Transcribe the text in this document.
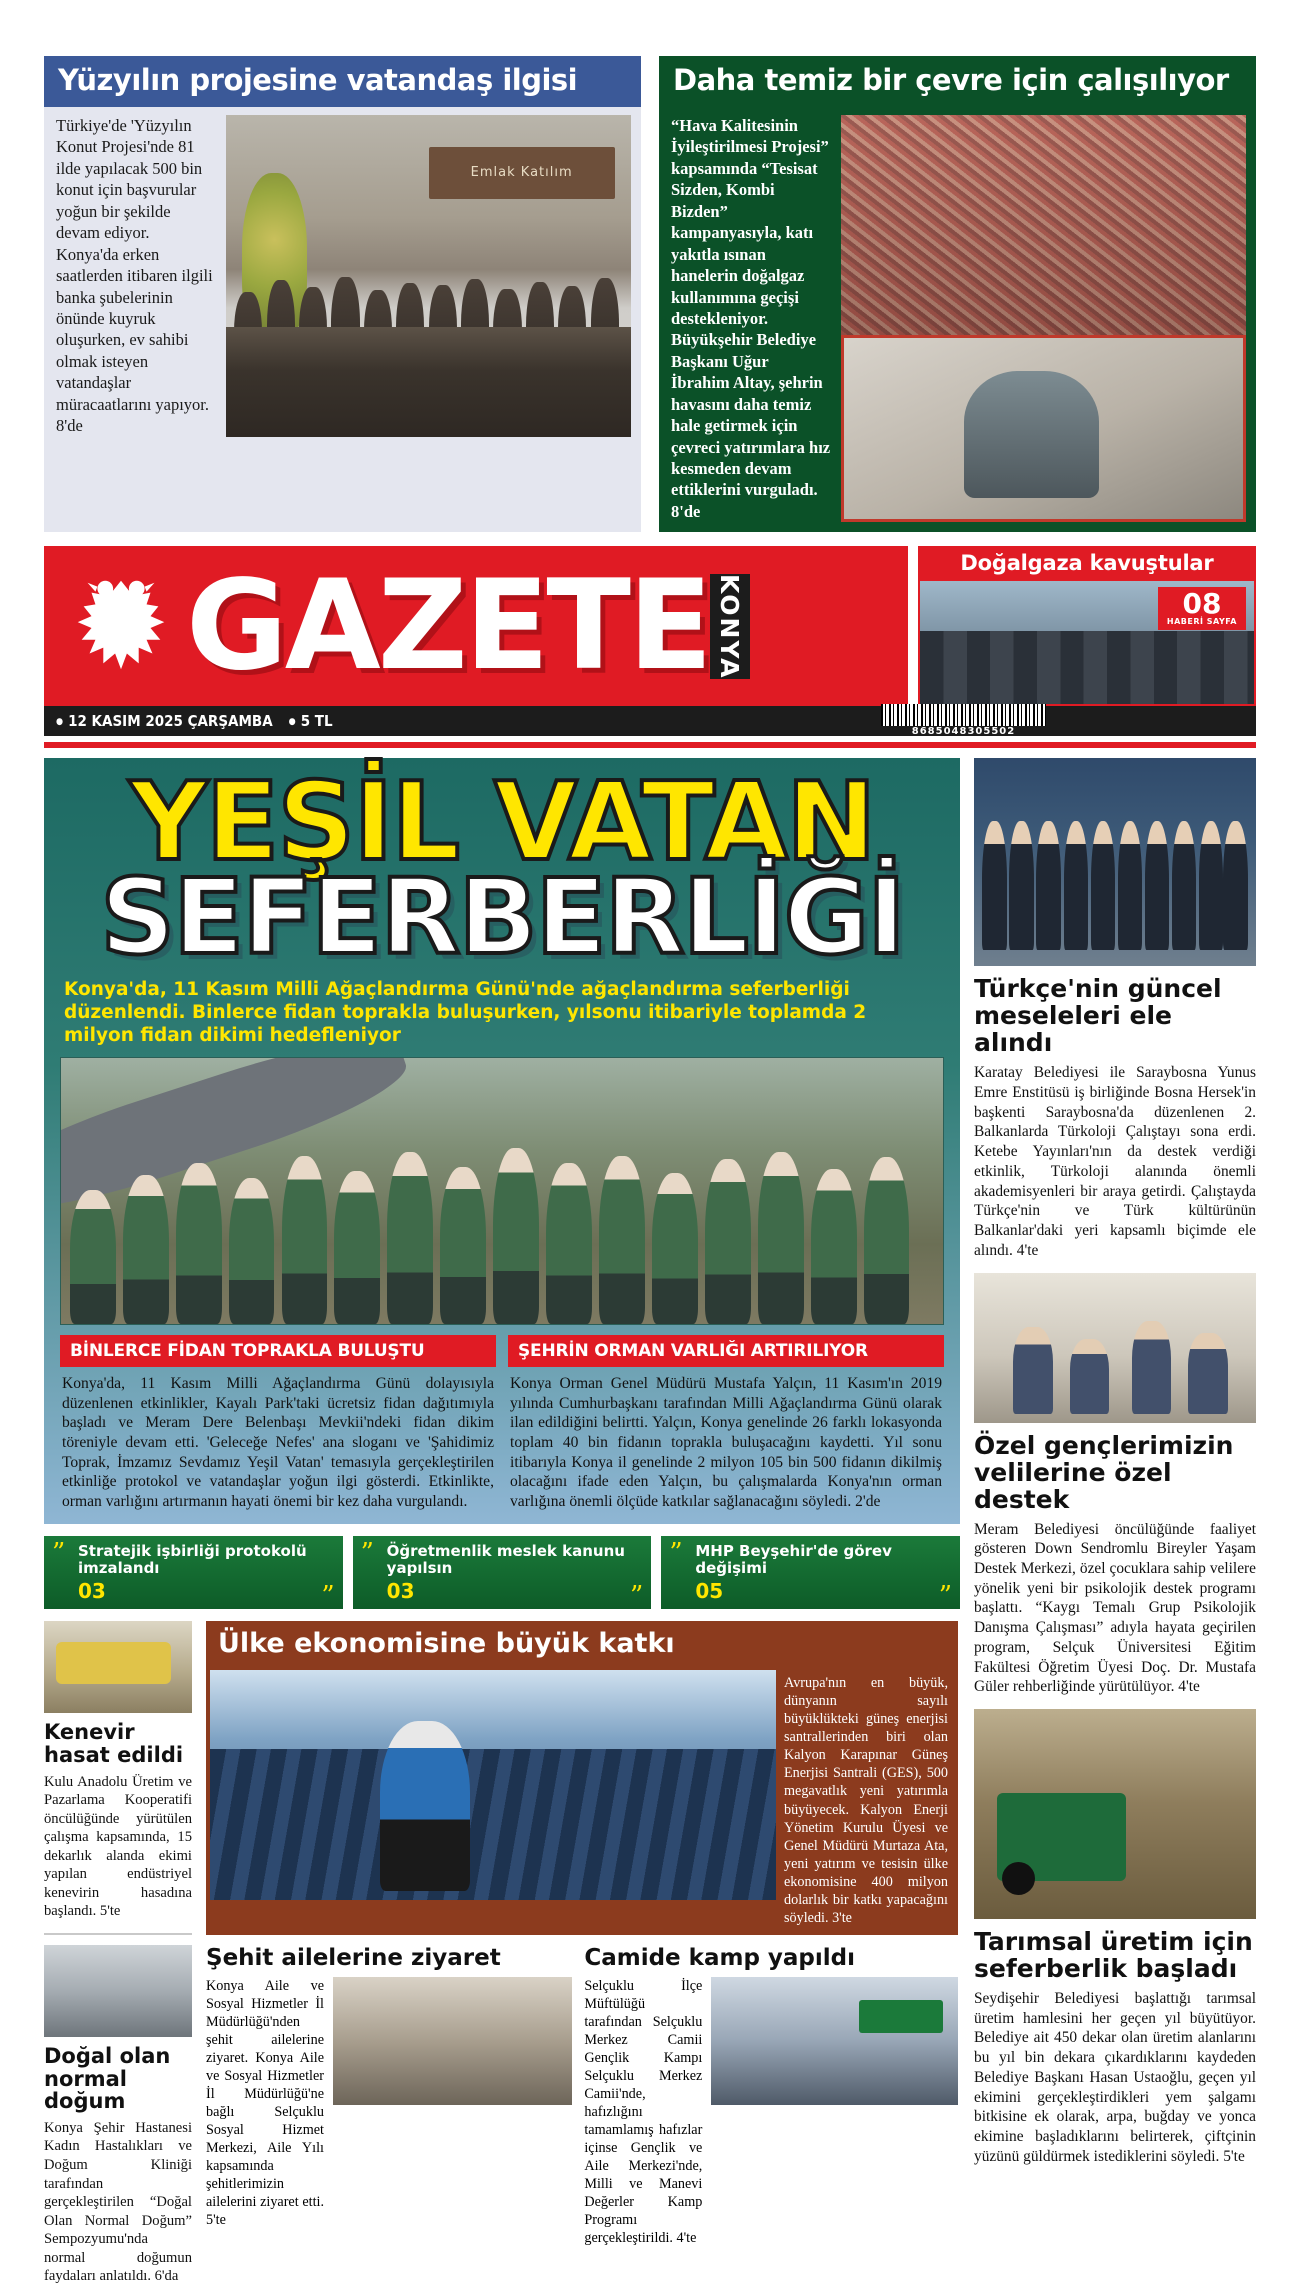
Yüzyılın projesine vatandaş ilgisi
Türkiye'de 'Yüzyılın Konut Projesi'nde 81 ilde yapılacak 500 bin konut için başvurular yoğun bir şekilde devam ediyor. Konya'da erken saatlerden itibaren ilgili banka şubelerinin önünde kuyruk oluşurken, ev sahibi olmak isteyen vatandaşlar müracaatlarını yapıyor. 8'de
Emlak Katılım
Daha temiz bir çevre için çalışılıyor
“Hava Kalitesinin İyileştirilmesi Projesi” kapsamında “Tesisat Sizden, Kombi Bizden” kampanyasıyla, katı yakıtla ısınan hanelerin doğalgaz kullanımına geçişi destekleniyor. Büyükşehir Belediye Başkanı Uğur İbrahim Altay, şehrin havasını daha temiz hale getirmek için çevreci yatırımlara hız kesmeden devam ettiklerini vurguladı. 8'de
GAZETE KONYA
Doğalgaza kavuştular
08
HABERİ SAYFA
● 12 KASIM 2025 ÇARŞAMBA	● 5 TL
8685048305502
YEŞİL VATAN
SEFERBERLİĞİ
Konya'da, 11 Kasım Milli Ağaçlandırma Günü'nde ağaçlandırma seferberliği düzenlendi. Binlerce fidan toprakla buluşurken, yılsonu itibariyle toplamda 2 milyon fidan dikimi hedefleniyor
BİNLERCE FİDAN TOPRAKLA BULUŞTU
Konya'da, 11 Kasım Milli Ağaçlandırma Günü dolayısıyla düzenlenen etkinlikler, Kayalı Park'taki ücretsiz fidan dağıtımıyla başladı ve Meram Dere Belenbaşı Mevkii'ndeki fidan dikim töreniyle devam etti. 'Geleceğe Nefes' ana sloganı ve 'Şahidimiz Toprak, İmzamız Sevdamız Yeşil Vatan' temasıyla gerçekleştirilen etkinliğe protokol ve vatandaşlar yoğun ilgi gösterdi. Etkinlikte, orman varlığını artırmanın hayati önemi bir kez daha vurgulandı.
ŞEHRİN ORMAN VARLIĞI ARTIRILIYOR
Konya Orman Genel Müdürü Mustafa Yalçın, 11 Kasım'ın 2019 yılında Cumhurbaşkanı tarafından Milli Ağaçlandırma Günü olarak ilan edildiğini belirtti. Yalçın, Konya genelinde 26 farklı lokasyonda toplam 40 bin fidanın toprakla buluşacağını kaydetti. Yıl sonu itibarıyla Konya il genelinde 2 milyon 105 bin 500 fidanın dikilmiş olacağını ifade eden Yalçın, bu çalışmalarda Konya'nın orman varlığına önemli ölçüde katkılar sağlanacağını söyledi. 2'de
” Stratejik işbirliği protokolü imzalandı
03	”
” Öğretmenlik meslek kanunu yapılsın
03	”
” MHP Beyşehir'de görev değişimi
05	”
Kenevir hasat edildi
Kulu Anadolu Üretim ve Pazarlama Kooperatifi öncülüğünde yürütülen çalışma kapsamında, 15 dekarlık alanda ekimi yapılan endüstriyel kenevirin hasadına başlandı. 5'te
Doğal olan normal doğum
Konya Şehir Hastanesi Kadın Hastalıkları ve Doğum Kliniği tarafından gerçekleştirilen “Doğal Olan Normal Doğum” Sempozyumu'nda normal doğumun faydaları anlatıldı. 6'da
Ülke ekonomisine büyük katkı
Avrupa'nın en büyük, dünyanın sayılı büyüklükteki güneş enerjisi santrallerinden biri olan Kalyon Karapınar Güneş Enerjisi Santrali (GES), 500 megavatlık yeni yatırımla büyüyecek. Kalyon Enerji Yönetim Kurulu Üyesi ve Genel Müdürü Murtaza Ata, yeni yatırım ve tesisin ülke ekonomisine 400 milyon dolarlık bir katkı yapacağını söyledi. 3'te
Şehit ailelerine ziyaret
Konya Aile ve Sosyal Hizmetler İl Müdürlüğü'nden şehit ailelerine ziyaret. Konya Aile ve Sosyal Hizmetler İl Müdürlüğü'ne bağlı Selçuklu Sosyal Hizmet Merkezi, Aile Yılı kapsamında şehitlerimizin ailelerini ziyaret etti. 5'te
Camide kamp yapıldı
Selçuklu İlçe Müftülüğü tarafından Selçuklu Merkez Camii Gençlik Kampı Selçuklu Merkez Camii'nde, hafızlığını tamamlamış hafızlar içinse Gençlik ve Aile Merkezi'nde, Milli ve Manevi Değerler Kamp Programı gerçekleştirildi. 4'te
Türkçe'nin güncel meseleleri ele alındı
Karatay Belediyesi ile Saraybosna Yunus Emre Enstitüsü iş birliğinde Bosna Hersek'in başkenti Saraybosna'da düzenlenen 2. Balkanlarda Türkoloji Çalıştayı sona erdi. Ketebe Yayınları'nın da destek verdiği etkinlik, Türkoloji alanında önemli akademisyenleri bir araya getirdi. Çalıştayda Türkçe'nin ve Türk kültürünün Balkanlar'daki yeri kapsamlı biçimde ele alındı. 4'te
Özel gençlerimizin velilerine özel destek
Meram Belediyesi öncülüğünde faaliyet gösteren Down Sendromlu Bireyler Yaşam Destek Merkezi, özel çocuklara sahip velilere yönelik yeni bir psikolojik destek programı başlattı. “Kaygı Temalı Grup Psikolojik Danışma Çalışması” adıyla hayata geçirilen program, Selçuk Üniversitesi Eğitim Fakültesi Öğretim Üyesi Doç. Dr. Mustafa Güler rehberliğinde yürütülüyor. 4'te
Tarımsal üretim için seferberlik başladı
Seydişehir Belediyesi başlattığı tarımsal üretim hamlesini her geçen yıl büyütüyor. Belediye ait 450 dekar olan üretim alanlarını bu yıl bin dekara çıkardıklarını kaydeden Belediye Başkanı Hasan Ustaoğlu, geçen yıl ekimini gerçekleştirdikleri yem şalgamı bitkisine ek olarak, arpa, buğday ve yonca ekimine başladıklarını belirterek, çiftçinin yüzünü güldürmek istediklerini söyledi. 5'te
